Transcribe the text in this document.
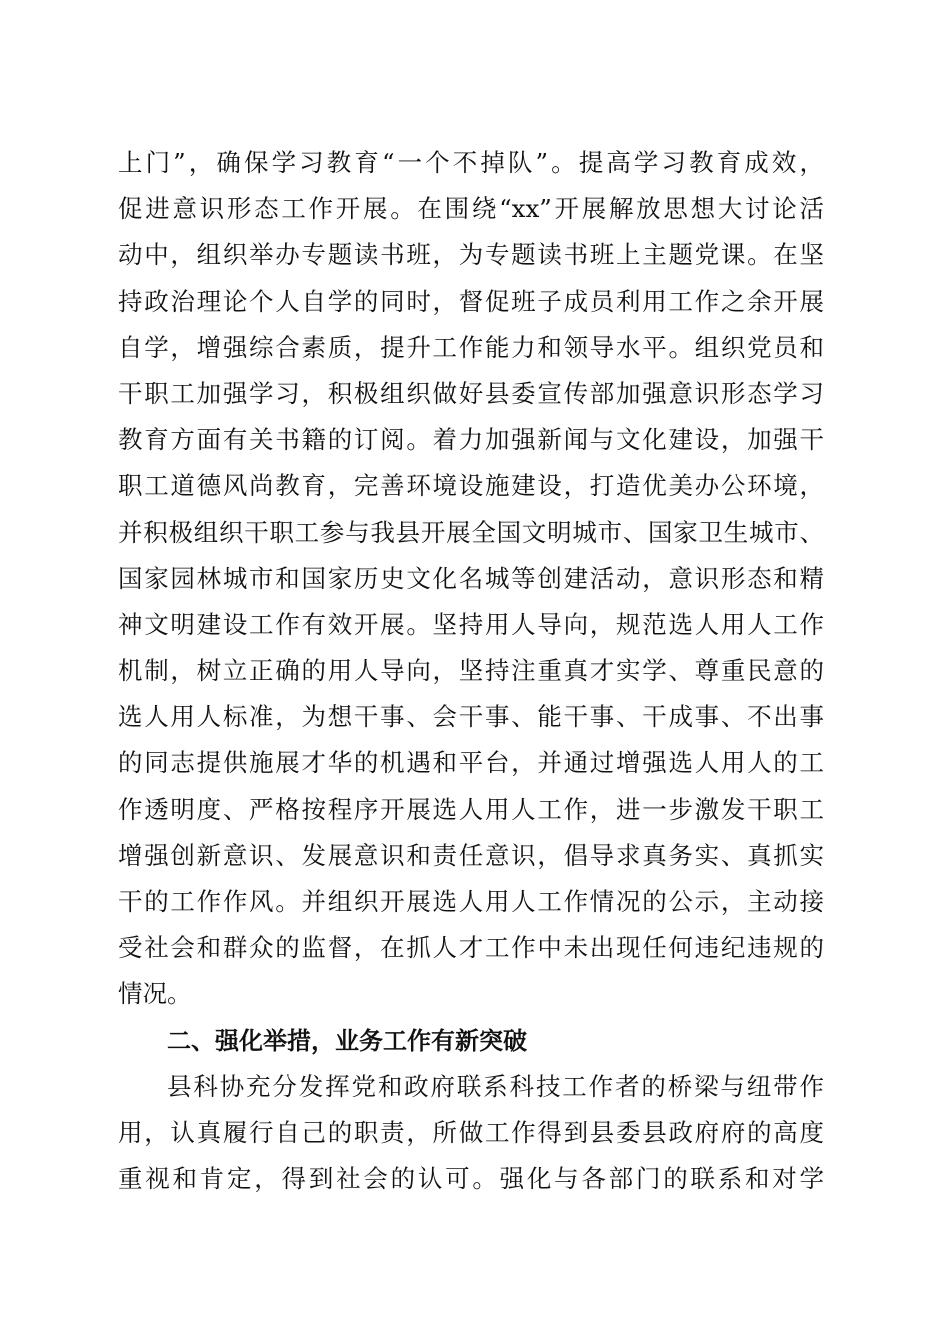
上门”，确保学习教育“一个不掉队”。提高学习教育成效，
促进意识形态工作开展。在围绕“xx”开展解放思想大讨论活
动中，组织举办专题读书班，为专题读书班上主题党课。在坚
持政治理论个人自学的同时，督促班子成员利用工作之余开展
自学，增强综合素质，提升工作能力和领导水平。组织党员和
干职工加强学习，积极组织做好县委宣传部加强意识形态学习
教育方面有关书籍的订阅。着力加强新闻与文化建设，加强干
职工道德风尚教育，完善环境设施建设，打造优美办公环境，
并积极组织干职工参与我县开展全国文明城市、国家卫生城市、
国家园林城市和国家历史文化名城等创建活动，意识形态和精
神文明建设工作有效开展。坚持用人导向，规范选人用人工作
机制，树立正确的用人导向，坚持注重真才实学、尊重民意的
选人用人标准，为想干事、会干事、能干事、干成事、不出事
的同志提供施展才华的机遇和平台，并通过增强选人用人的工
作透明度、严格按程序开展选人用人工作，进一步激发干职工
增强创新意识、发展意识和责任意识，倡导求真务实、真抓实
干的工作作风。并组织开展选人用人工作情况的公示，主动接
受社会和群众的监督，在抓人才工作中未出现任何违纪违规的
情况。
二、强化举措，业务工作有新突破
县科协充分发挥党和政府联系科技工作者的桥梁与纽带作
用，认真履行自己的职责，所做工作得到县委县政府府的高度
重视和肯定，得到社会的认可。强化与各部门的联系和对学
